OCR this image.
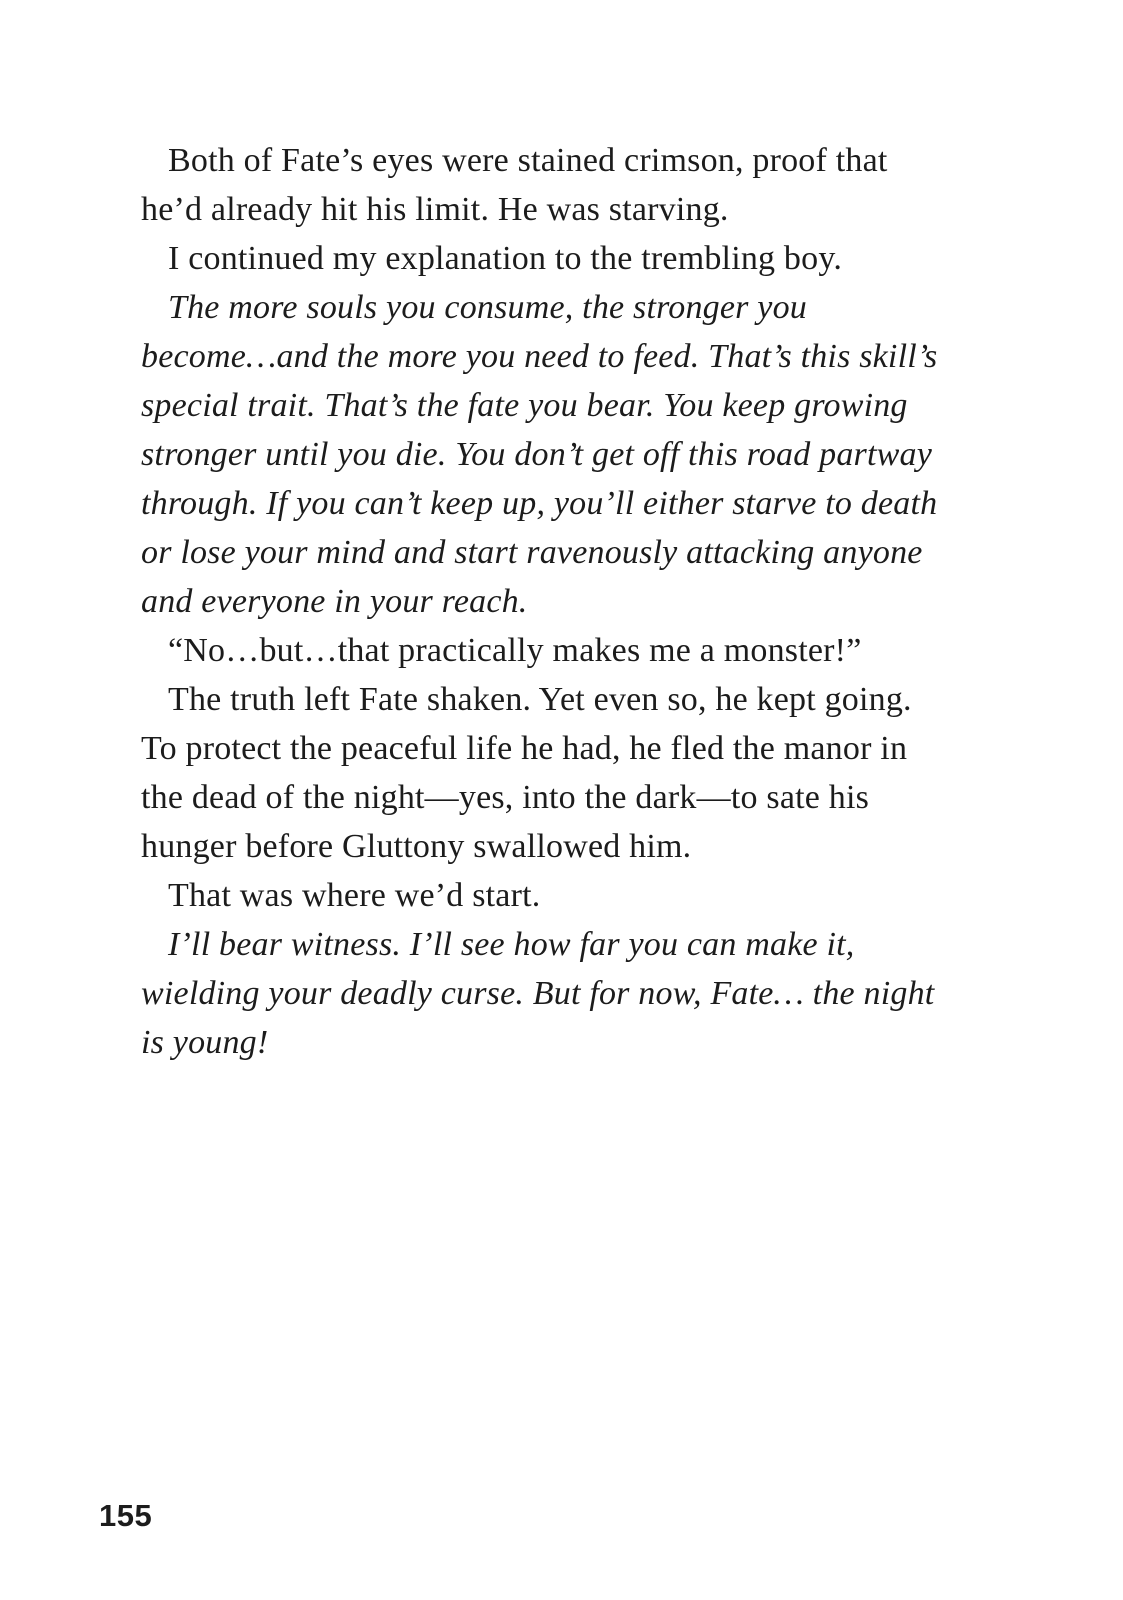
Both of Fate’s eyes were stained crimson, proof that he’d already hit his limit. He was starving.

I continued my explanation to the trembling boy.

The more souls you consume, the stronger you become…and the more you need to feed. That’s this skill’s special trait. That’s the fate you bear. You keep growing stronger until you die. You don’t get off this road partway through. If you can’t keep up, you’ll either starve to death or lose your mind and start ravenously attacking anyone and everyone in your reach.

“No…but…that practically makes me a monster!”

The truth left Fate shaken. Yet even so, he kept going. To protect the peaceful life he had, he fled the manor in the dead of the night—yes, into the dark—to sate his hunger before Gluttony swallowed him.

That was where we’d start.

I’ll bear witness. I’ll see how far you can make it, wielding your deadly curse. But for now, Fate… the night is young!

155
